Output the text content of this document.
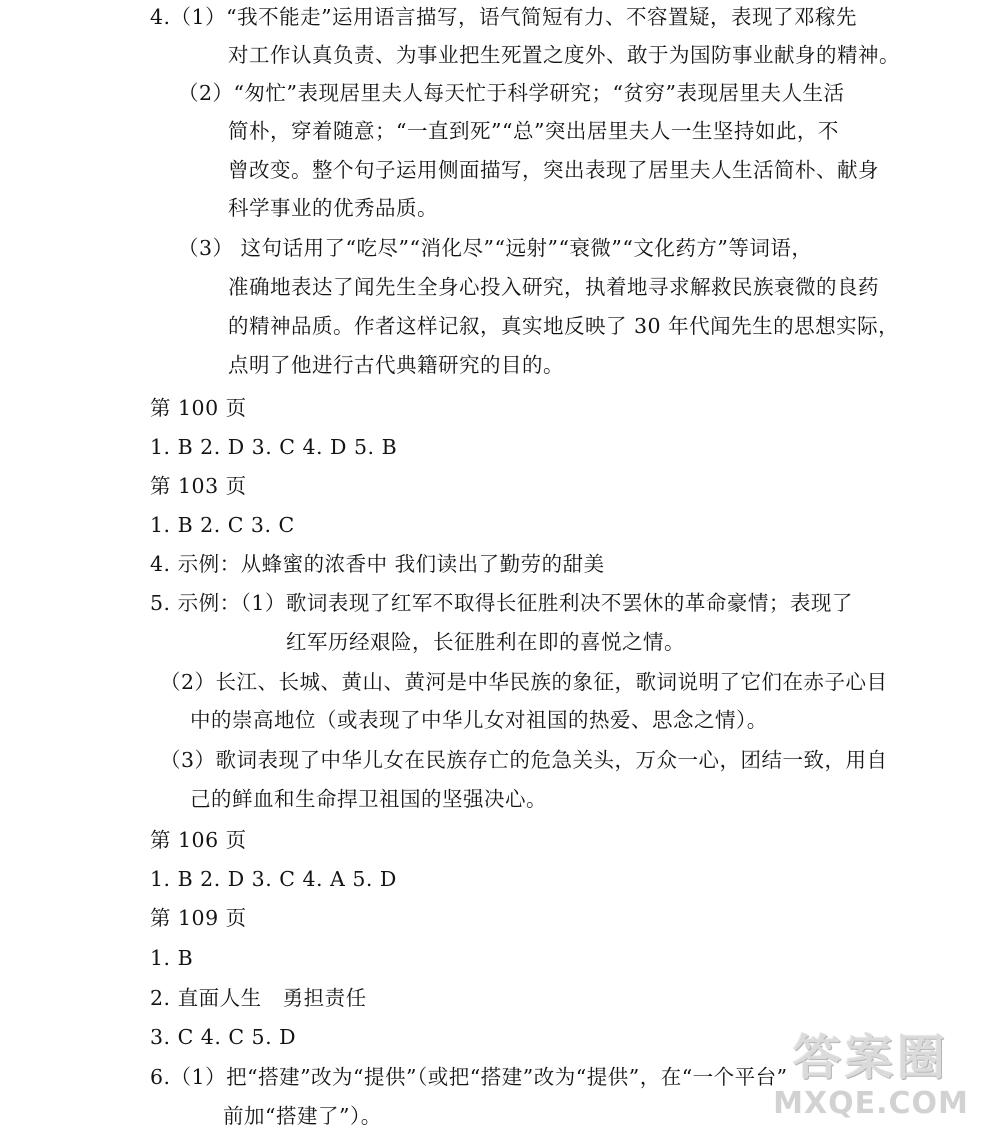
4.（1）“我不能走”运用语言描写，语气简短有力、不容置疑，表现了邓稼先
对工作认真负责、为事业把生死置之度外、敢于为国防事业献身的精神。
（2）“匆忙”表现居里夫人每天忙于科学研究；“贫穷”表现居里夫人生活
简朴，穿着随意；“一直到死”“总”突出居里夫人一生坚持如此，不
曾改变。整个句子运用侧面描写，突出表现了居里夫人生活简朴、献身
科学事业的优秀品质。
（3） 这句话用了“吃尽”“消化尽”“远射”“衰微”“文化药方”等词语，
准确地表达了闻先生全身心投入研究，执着地寻求解救民族衰微的良药
的精神品质。作者这样记叙，真实地反映了 30 年代闻先生的思想实际，
点明了他进行古代典籍研究的目的。
第 100 页
1. B 2. D 3. C 4. D 5. B
第 103 页
1. B 2. C 3. C
4. 示例：从蜂蜜的浓香中 我们读出了勤劳的甜美
5. 示例：（1）歌词表现了红军不取得长征胜利决不罢休的革命豪情；表现了
红军历经艰险，长征胜利在即的喜悦之情。
（2）长江、长城、黄山、黄河是中华民族的象征，歌词说明了它们在赤子心目
中的崇高地位（或表现了中华儿女对祖国的热爱、思念之情）。
（3）歌词表现了中华儿女在民族存亡的危急关头，万众一心，团结一致，用自
己的鲜血和生命捍卫祖国的坚强决心。
第 106 页
1. B 2. D 3. C 4. A 5. D
第 109 页
1. B
2. 直面人生　勇担责任
3. C 4. C 5. D
6.（1）把“搭建”改为“提供”（或把“搭建”改为“提供”，在“一个平台”
前加“搭建了”）。
答案圈
MXQE.COM
